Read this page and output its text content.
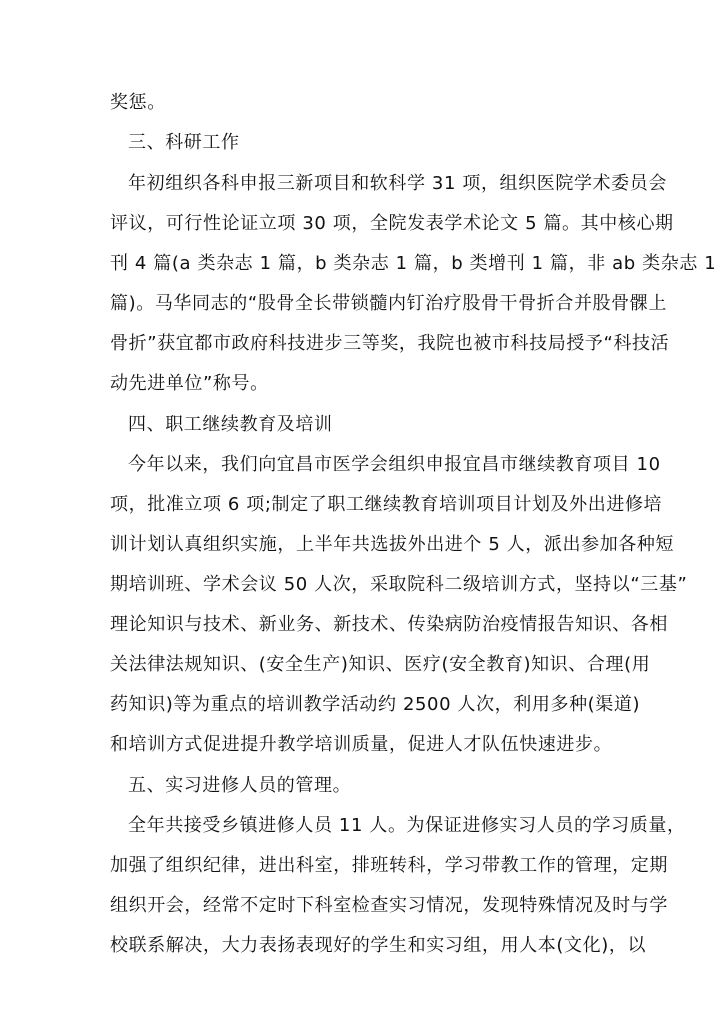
奖惩。
三、科研工作
年初组织各科申报三新项目和软科学 31 项，组织医院学术委员会
评议，可行性论证立项 30 项，全院发表学术论文 5 篇。其中核心期
刊 4 篇(a 类杂志 1 篇，b 类杂志 1 篇，b 类增刊 1 篇，非 ab 类杂志 1
篇)。马华同志的“股骨全长带锁髓内钉治疗股骨干骨折合并股骨髁上
骨折”获宜都市政府科技进步三等奖，我院也被市科技局授予“科技活
动先进单位”称号。
四、职工继续教育及培训
今年以来，我们向宜昌市医学会组织申报宜昌市继续教育项目 10
项，批准立项 6 项;制定了职工继续教育培训项目计划及外出进修培
训计划认真组织实施，上半年共选拔外出进个 5 人，派出参加各种短
期培训班、学术会议 50 人次，采取院科二级培训方式，坚持以“三基”
理论知识与技术、新业务、新技术、传染病防治疫情报告知识、各相
关法律法规知识、(安全生产)知识、医疗(安全教育)知识、合理(用
药知识)等为重点的培训教学活动约 2500 人次，利用多种(渠道)
和培训方式促进提升教学培训质量，促进人才队伍快速进步。
五、实习进修人员的管理。
全年共接受乡镇进修人员 11 人。为保证进修实习人员的学习质量，
加强了组织纪律，进出科室，排班转科，学习带教工作的管理，定期
组织开会，经常不定时下科室检查实习情况，发现特殊情况及时与学
校联系解决，大力表扬表现好的学生和实习组，用人本(文化)，以
